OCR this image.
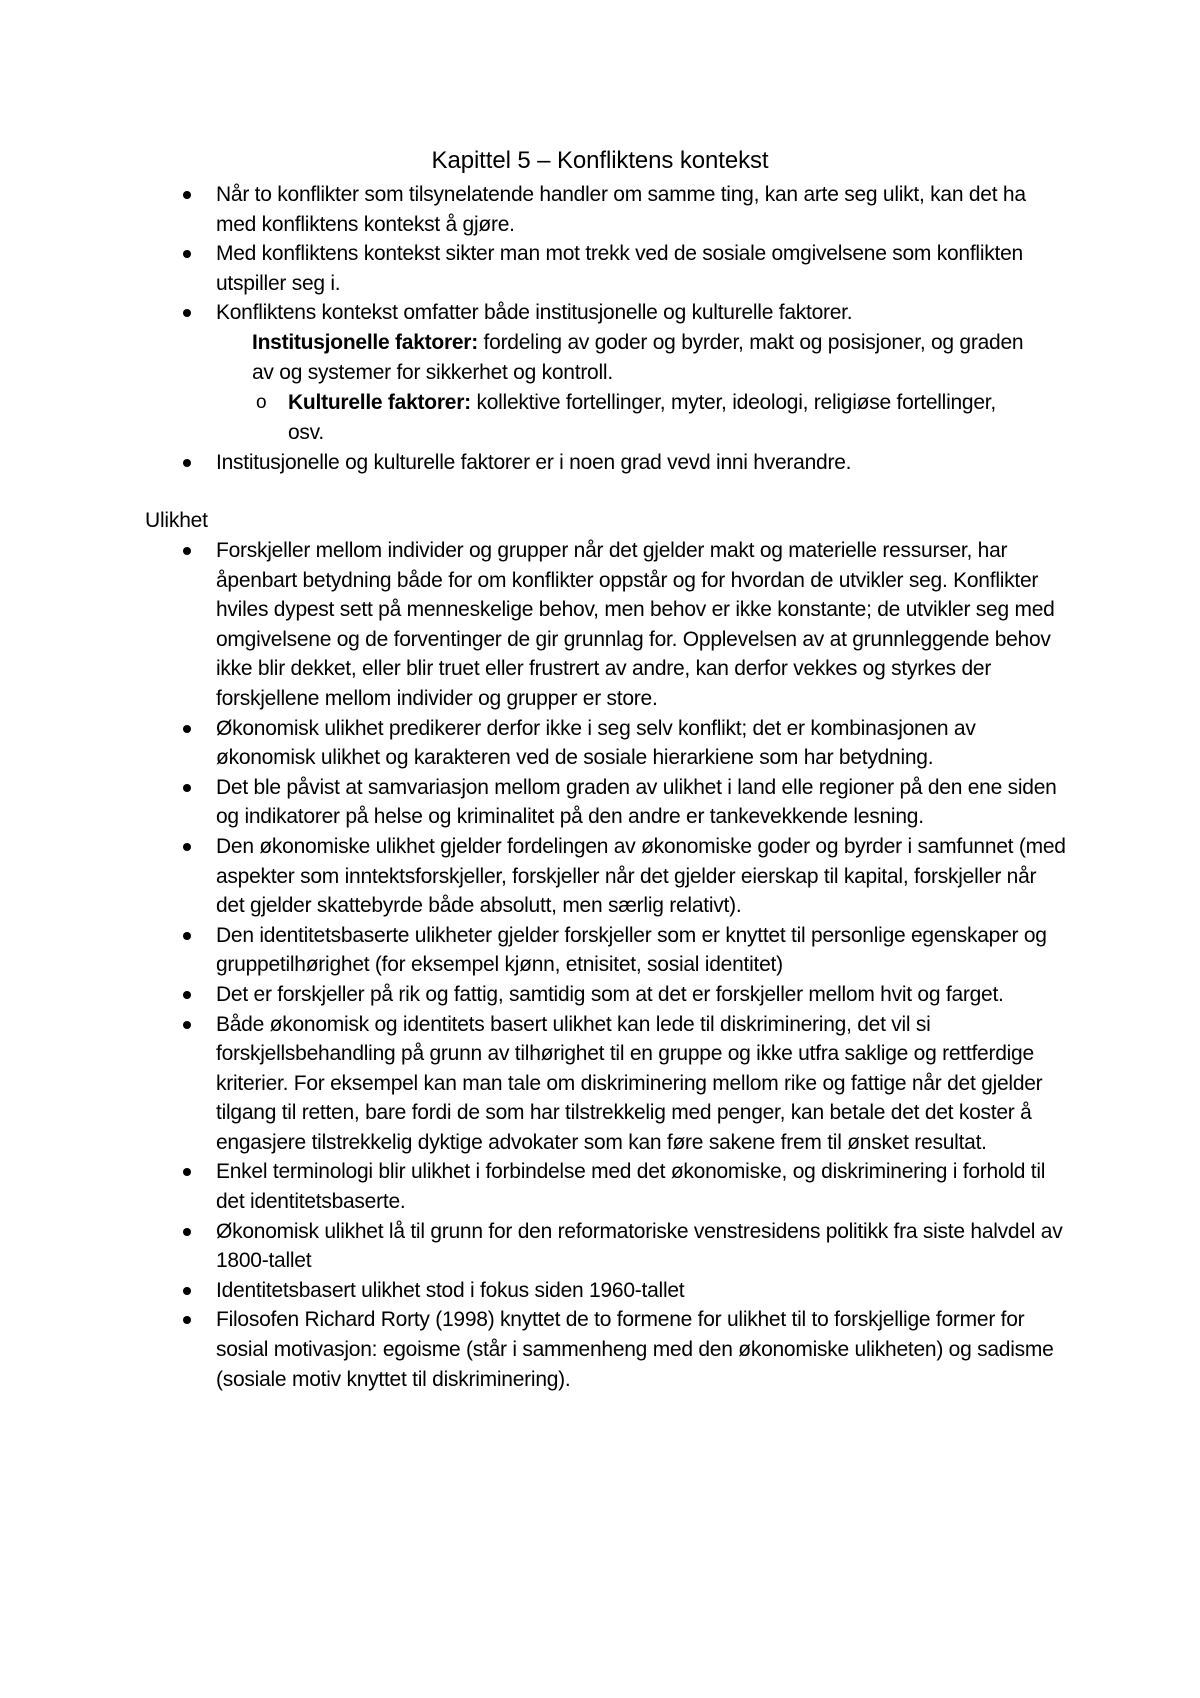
Kapittel 5 – Konfliktens kontekst
Når to konflikter som tilsynelatende handler om samme ting, kan arte seg ulikt, kan det ha med konfliktens kontekst å gjøre.
Med konfliktens kontekst sikter man mot trekk ved de sosiale omgivelsene som konflikten utspiller seg i.
Konfliktens kontekst omfatter både institusjonelle og kulturelle faktorer.

Institusjonelle faktorer: fordeling av goder og byrder, makt og posisjoner, og graden av og systemer for sikkerhet og kontroll.

o Kulturelle faktorer: kollektive fortellinger, myter, ideologi, religiøse fortellinger, osv.

Institusjonelle og kulturelle faktorer er i noen grad vevd inni hverandre.
Ulikhet
Forskjeller mellom individer og grupper når det gjelder makt og materielle ressurser, har åpenbart betydning både for om konflikter oppstår og for hvordan de utvikler seg. Konflikter hviles dypest sett på menneskelige behov, men behov er ikke konstante; de utvikler seg med omgivelsene og de forventinger de gir grunnlag for. Opplevelsen av at grunnleggende behov ikke blir dekket, eller blir truet eller frustrert av andre, kan derfor vekkes og styrkes der forskjellene mellom individer og grupper er store.
Økonomisk ulikhet predikerer derfor ikke i seg selv konflikt; det er kombinasjonen av økonomisk ulikhet og karakteren ved de sosiale hierarkiene som har betydning.
Det ble påvist at samvariasjon mellom graden av ulikhet i land elle regioner på den ene siden og indikatorer på helse og kriminalitet på den andre er tankevekkende lesning.
Den økonomiske ulikhet gjelder fordelingen av økonomiske goder og byrder i samfunnet (med aspekter som inntektsforskjeller, forskjeller når det gjelder eierskap til kapital, forskjeller når det gjelder skattebyrde både absolutt, men særlig relativt).
Den identitetsbaserte ulikheter gjelder forskjeller som er knyttet til personlige egenskaper og gruppetilhørighet (for eksempel kjønn, etnisitet, sosial identitet)
Det er forskjeller på rik og fattig, samtidig som at det er forskjeller mellom hvit og farget.
Både økonomisk og identitets basert ulikhet kan lede til diskriminering, det vil si forskjellsbehandling på grunn av tilhørighet til en gruppe og ikke utfra saklige og rettferdige kriterier. For eksempel kan man tale om diskriminering mellom rike og fattige når det gjelder tilgang til retten, bare fordi de som har tilstrekkelig med penger, kan betale det det koster å engasjere tilstrekkelig dyktige advokater som kan føre sakene frem til ønsket resultat.
Enkel terminologi blir ulikhet i forbindelse med det økonomiske, og diskriminering i forhold til det identitetsbaserte.
Økonomisk ulikhet lå til grunn for den reformatoriske venstresidens politikk fra siste halvdel av 1800-tallet
Identitetsbasert ulikhet stod i fokus siden 1960-tallet
Filosofen Richard Rorty (1998) knyttet de to formene for ulikhet til to forskjellige former for sosial motivasjon: egoisme (står i sammenheng med den økonomiske ulikheten) og sadisme (sosiale motiv knyttet til diskriminering).
